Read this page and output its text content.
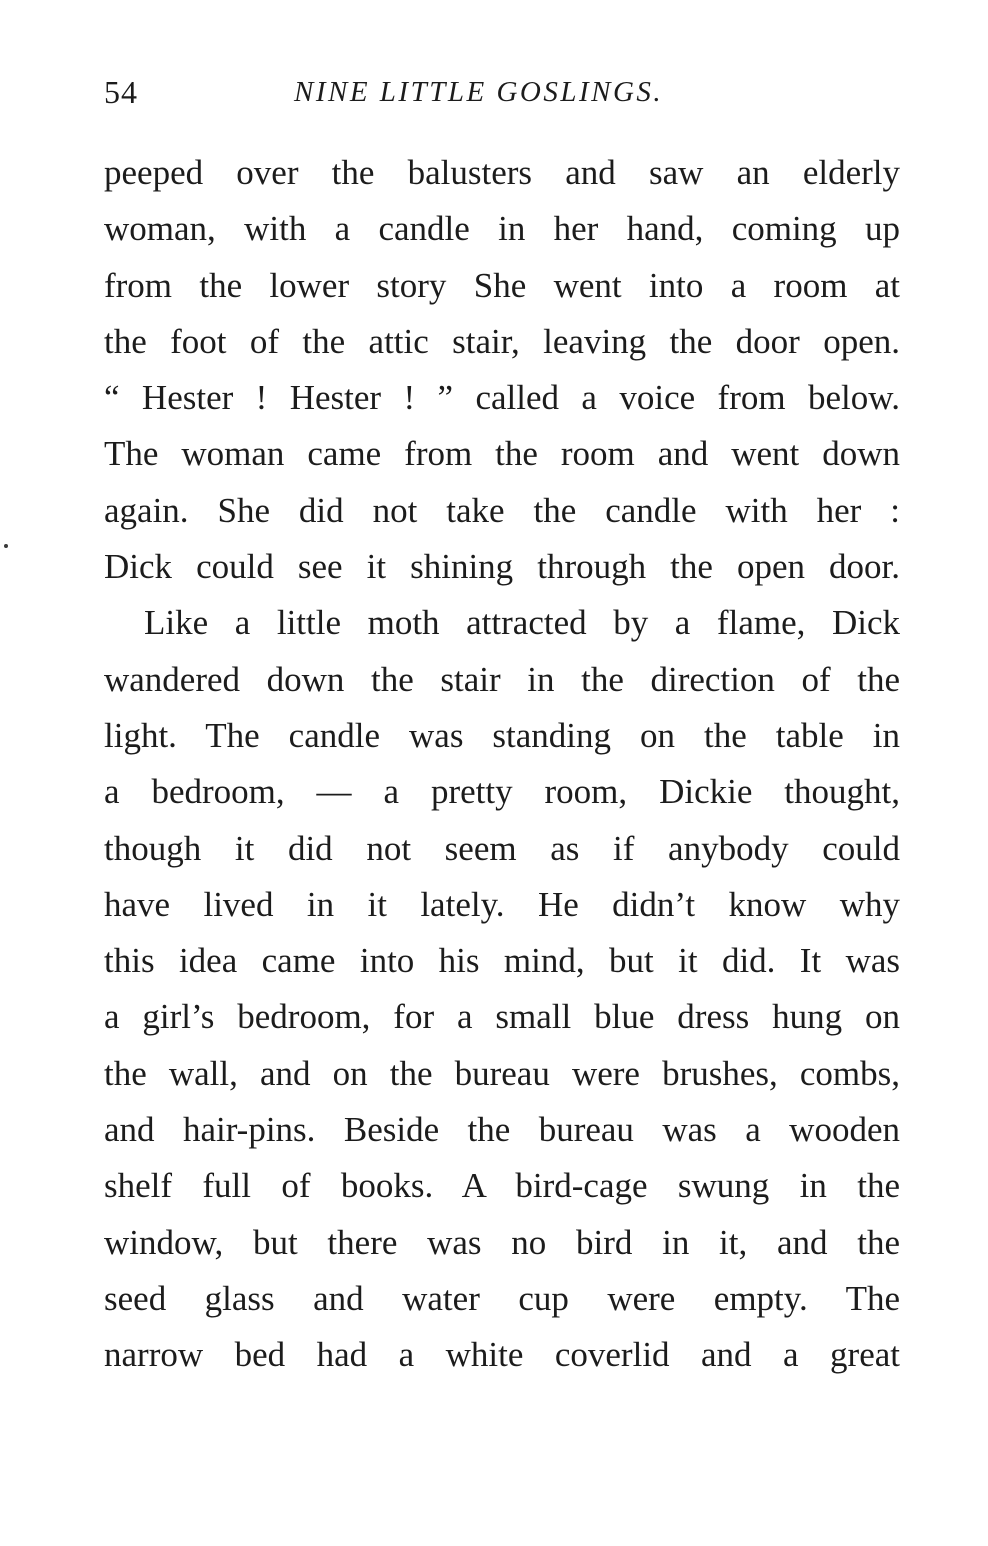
54	NINE LITTLE GOSLINGS.
peeped over the balusters and saw an elderly
woman, with a candle in her hand, coming up
from the lower story She went into a room at
the foot of the attic stair, leaving the door open.
“ Hester ! Hester ! ” called a voice from below.
The woman came from the room and went down
again. She did not take the candle with her :
Dick could see it shining through the open door.
Like a little moth attracted by a flame, Dick
wandered down the stair in the direction of the
light. The candle was standing on the table in
a bedroom, — a pretty room, Dickie thought,
though it did not seem as if anybody could
have lived in it lately. He didn’t know why
this idea came into his mind, but it did. It was
a girl’s bedroom, for a small blue dress hung on
the wall, and on the bureau were brushes, combs,
and hair-pins. Beside the bureau was a wooden
shelf full of books. A bird-cage swung in the
window, but there was no bird in it, and the
seed glass and water cup were empty. The
narrow bed had a white coverlid and a great
